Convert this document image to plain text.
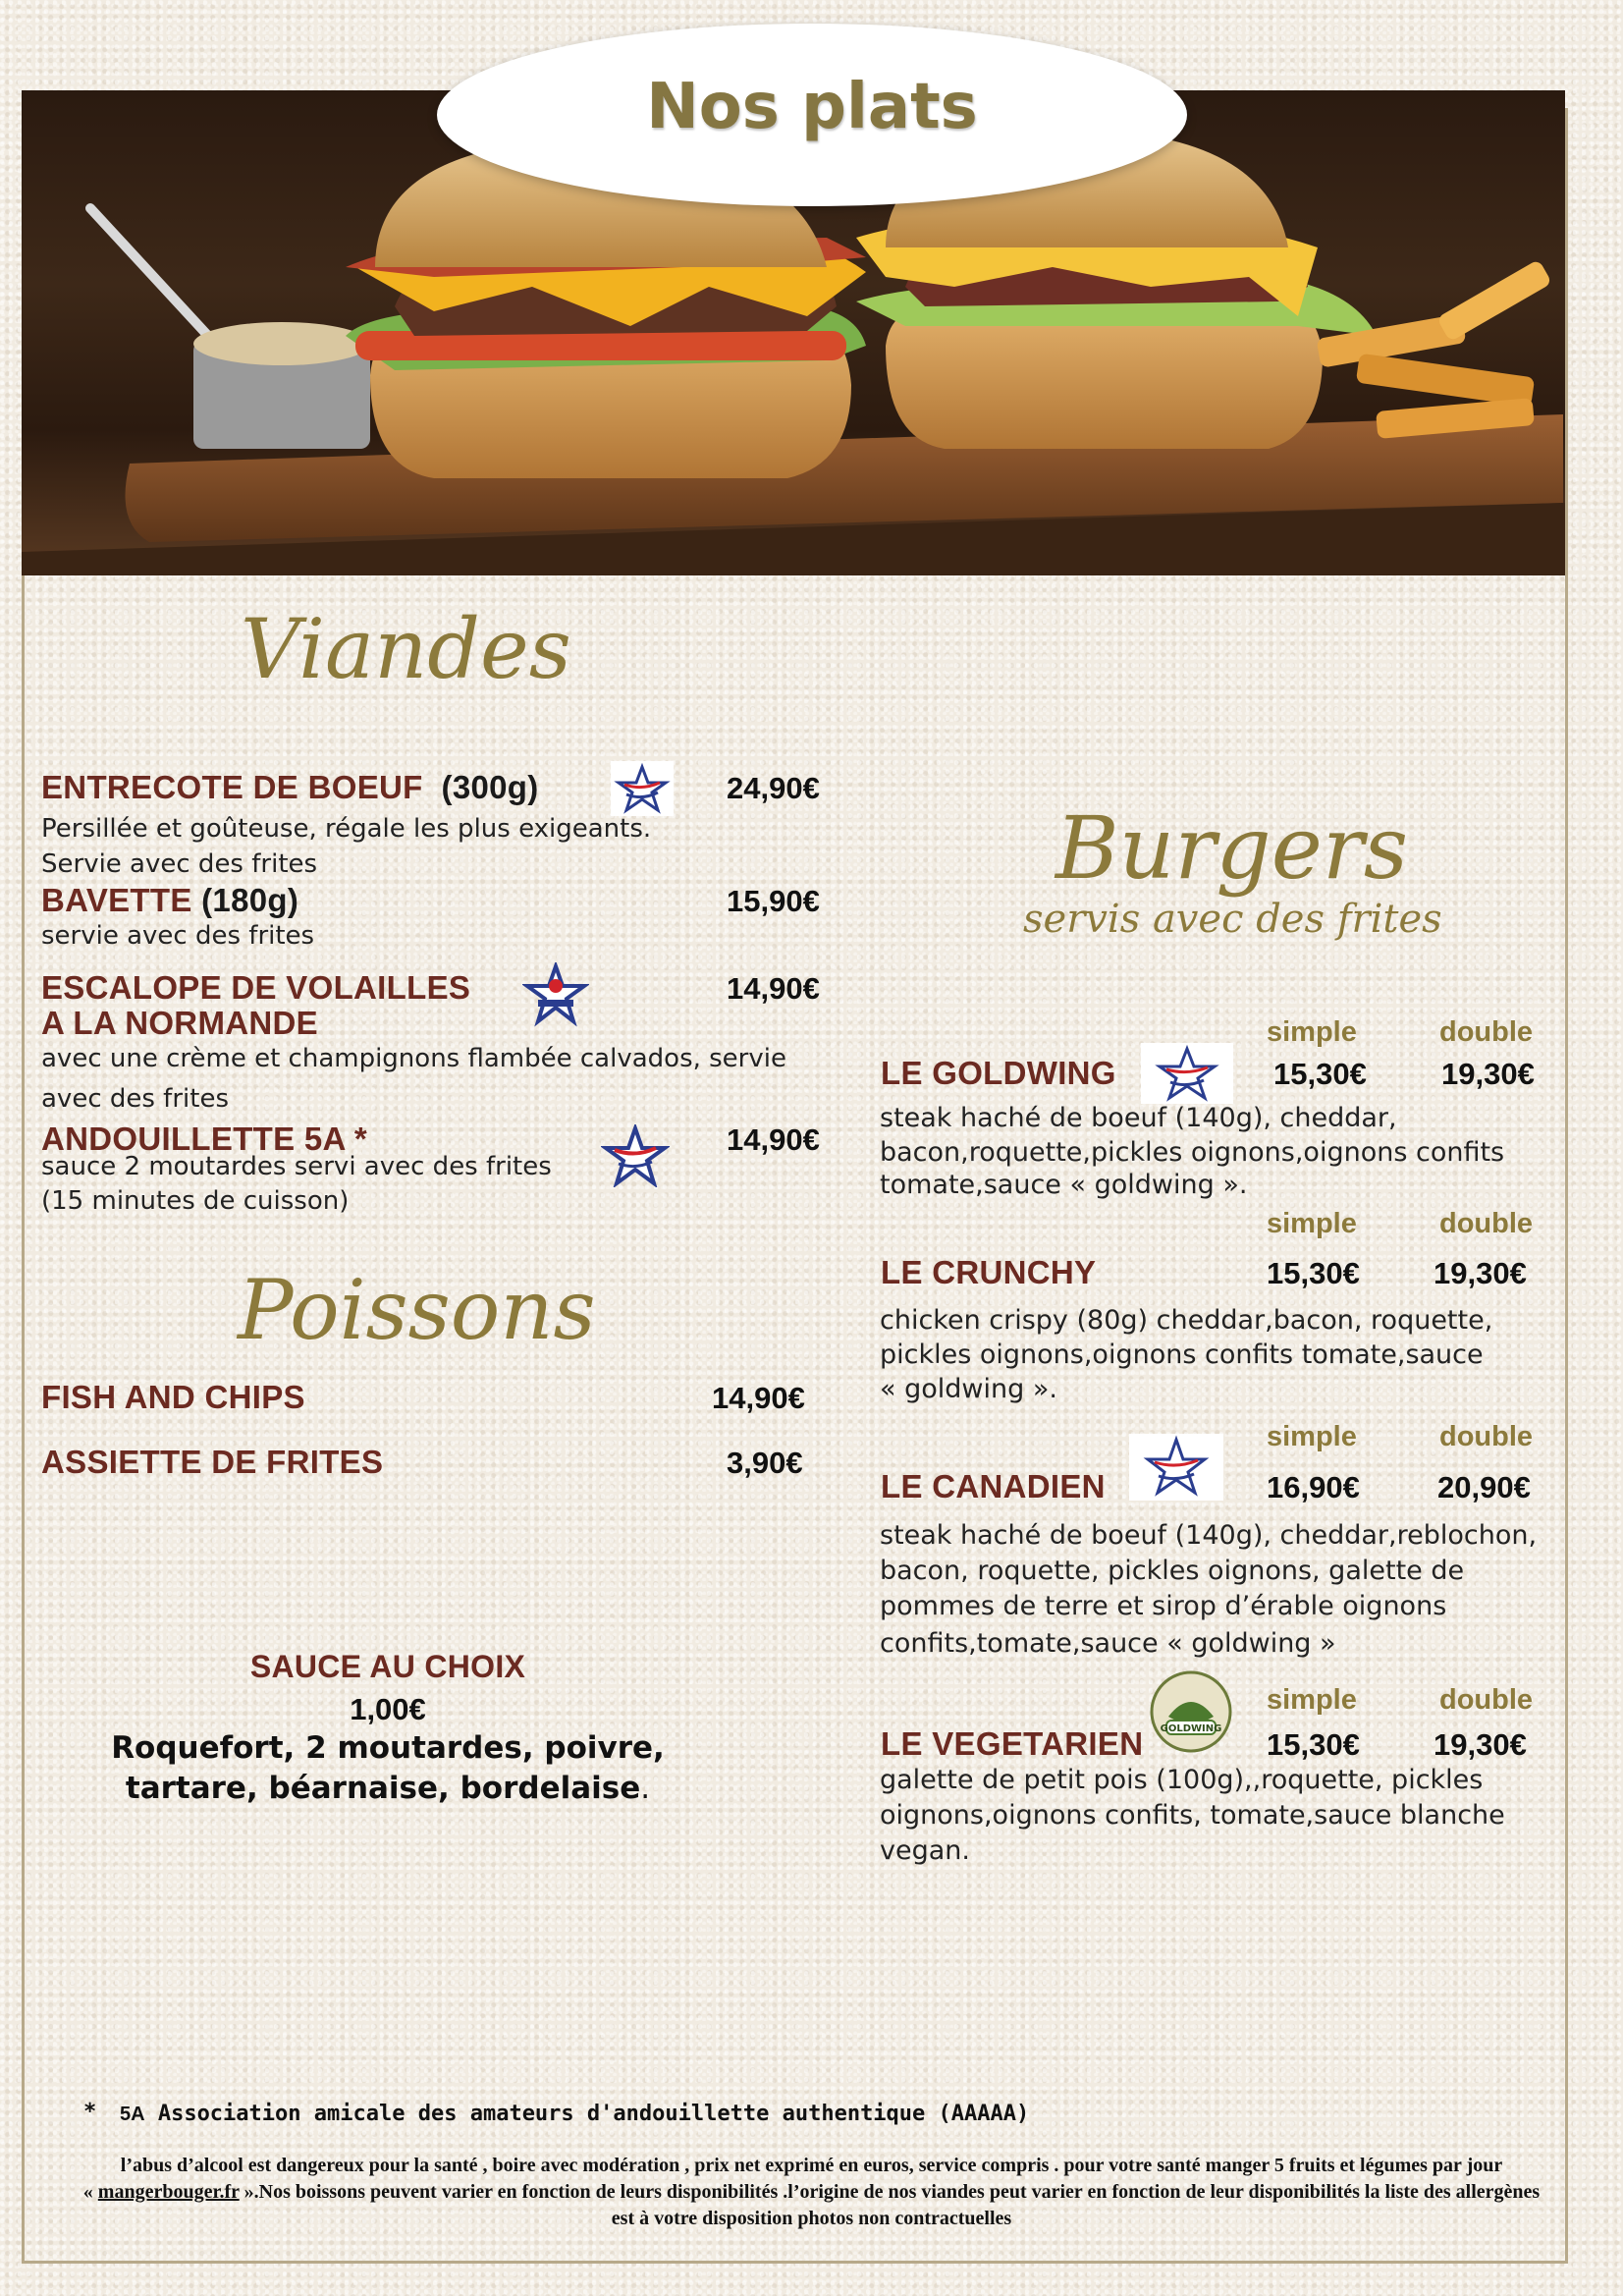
Nos plats
Viandes
ENTRECOTE DE BOEUF (300g)	24,90€
Persillée et goûteuse, régale les plus exigeants.
Servie avec des frites
BAVETTE (180g)	15,90€
servie avec des frites
ESCALOPE DE VOLAILLES
A LA NORMANDE
14,90€
avec une crème et champignons flambée calvados, servie
avec des frites
ANDOUILLETTE 5A *	14,90€
sauce 2 moutardes servi avec des frites
(15 minutes de cuisson)
Poissons
FISH AND CHIPS	14,90€
ASSIETTE DE FRITES	3,90€
SAUCE AU CHOIX
1,00€
Roquefort, 2 moutardes, poivre,
tartare, béarnaise, bordelaise.
Burgers
servis avec des frites
simple	double
LE GOLDWING	15,30€ 19,30€
steak haché de boeuf (140g), cheddar,
bacon,roquette,pickles oignons,oignons confits
tomate,sauce « goldwing ».
simple	double
LE CRUNCHY	15,30€ 19,30€
chicken crispy (80g) cheddar,bacon, roquette,
pickles oignons,oignons confits tomate,sauce
« goldwing ».
simple	double
LE CANADIEN	16,90€	20,90€
steak haché de boeuf (140g), cheddar,reblochon,
bacon, roquette, pickles oignons, galette de
pommes de terre et sirop d’érable oignons
confits,tomate,sauce « goldwing »
simple	double
LE VEGETARIEN GOLDWING 15,30€ 19,30€
galette de petit pois (100g),,roquette, pickles
oignons,oignons confits, tomate,sauce blanche
vegan.
* 5A Association amicale des amateurs d'andouillette authentique (AAAAA)
l’abus d’alcool est dangereux pour la santé , boire avec modération , prix net exprimé en euros, service compris . pour votre santé manger 5 fruits et légumes par jour
« mangerbouger.fr ».Nos boissons peuvent varier en fonction de leurs disponibilités .l’origine de nos viandes peut varier en fonction de leur disponibilités la liste des allergènes
est à votre disposition photos non contractuelles
